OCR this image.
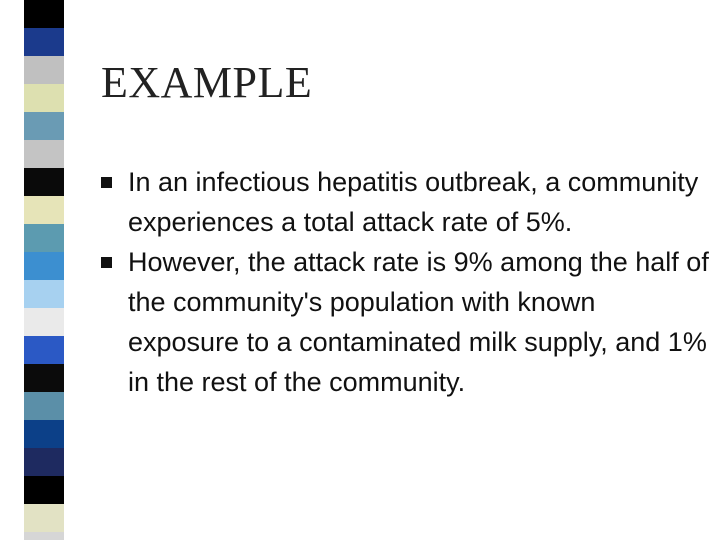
EXAMPLE
In an infectious hepatitis outbreak, a community experiences a total attack rate of 5%.
However, the attack rate is 9% among the half of the community's population with known exposure to a contaminated milk supply, and 1% in the rest of the community.
